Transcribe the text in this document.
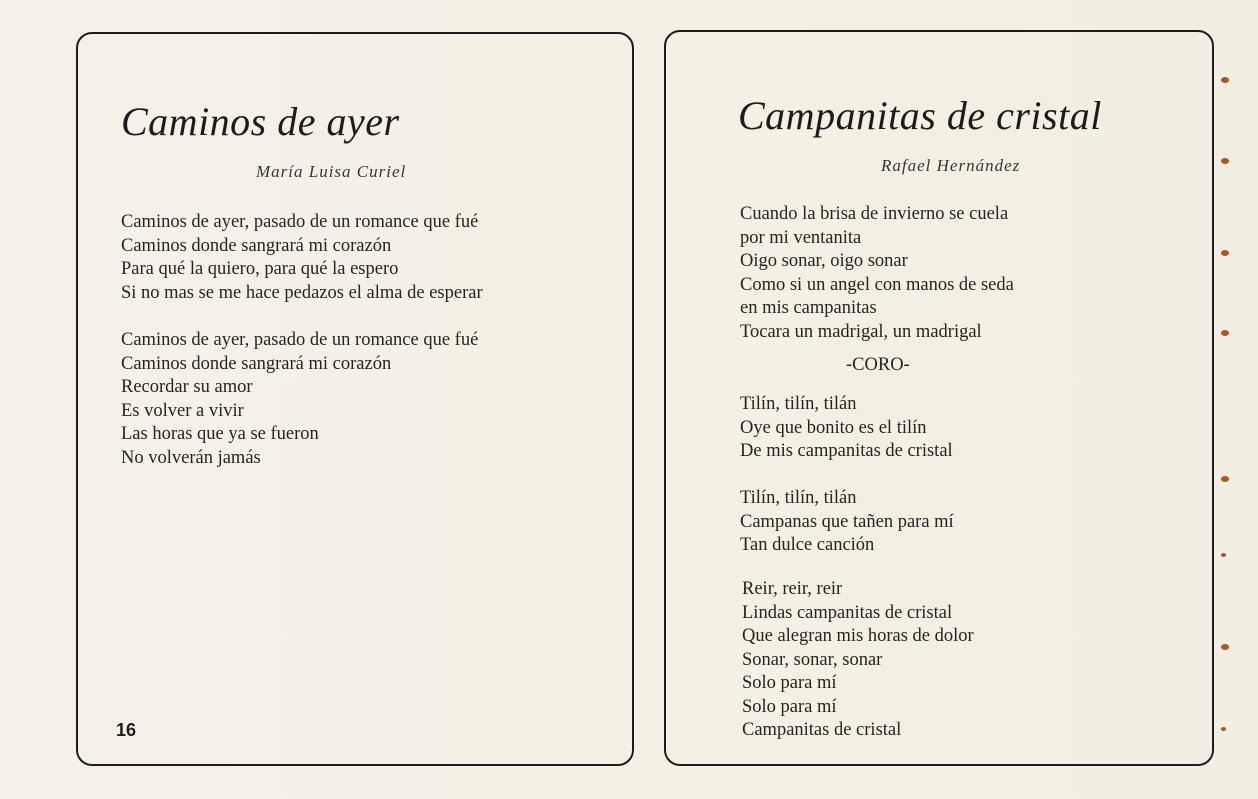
Caminos de ayer
María Luisa Curiel
Caminos de ayer, pasado de un romance que fué
Caminos donde sangrará mi corazón
Para qué la quiero, para qué la espero
Si no mas se me hace pedazos el alma de esperar
Caminos de ayer, pasado de un romance que fué
Caminos donde sangrará mi corazón
Recordar su amor
Es volver a vivir
Las horas que ya se fueron
No volverán jamás
16
Campanitas de cristal
Rafael Hernández
Cuando la brisa de invierno se cuela
por mi ventanita
Oigo sonar, oigo sonar
Como si un angel con manos de seda
en mis campanitas
Tocara un madrigal, un madrigal
-CORO-
Tilín, tilín, tilán
Oye que bonito es el tilín
De mis campanitas de cristal
Tilín, tilín, tilán
Campanas que tañen para mí
Tan dulce canción
Reir, reir, reir
Lindas campanitas de cristal
Que alegran mis horas de dolor
Sonar, sonar, sonar
Solo para mí
Solo para mí
Campanitas de cristal
